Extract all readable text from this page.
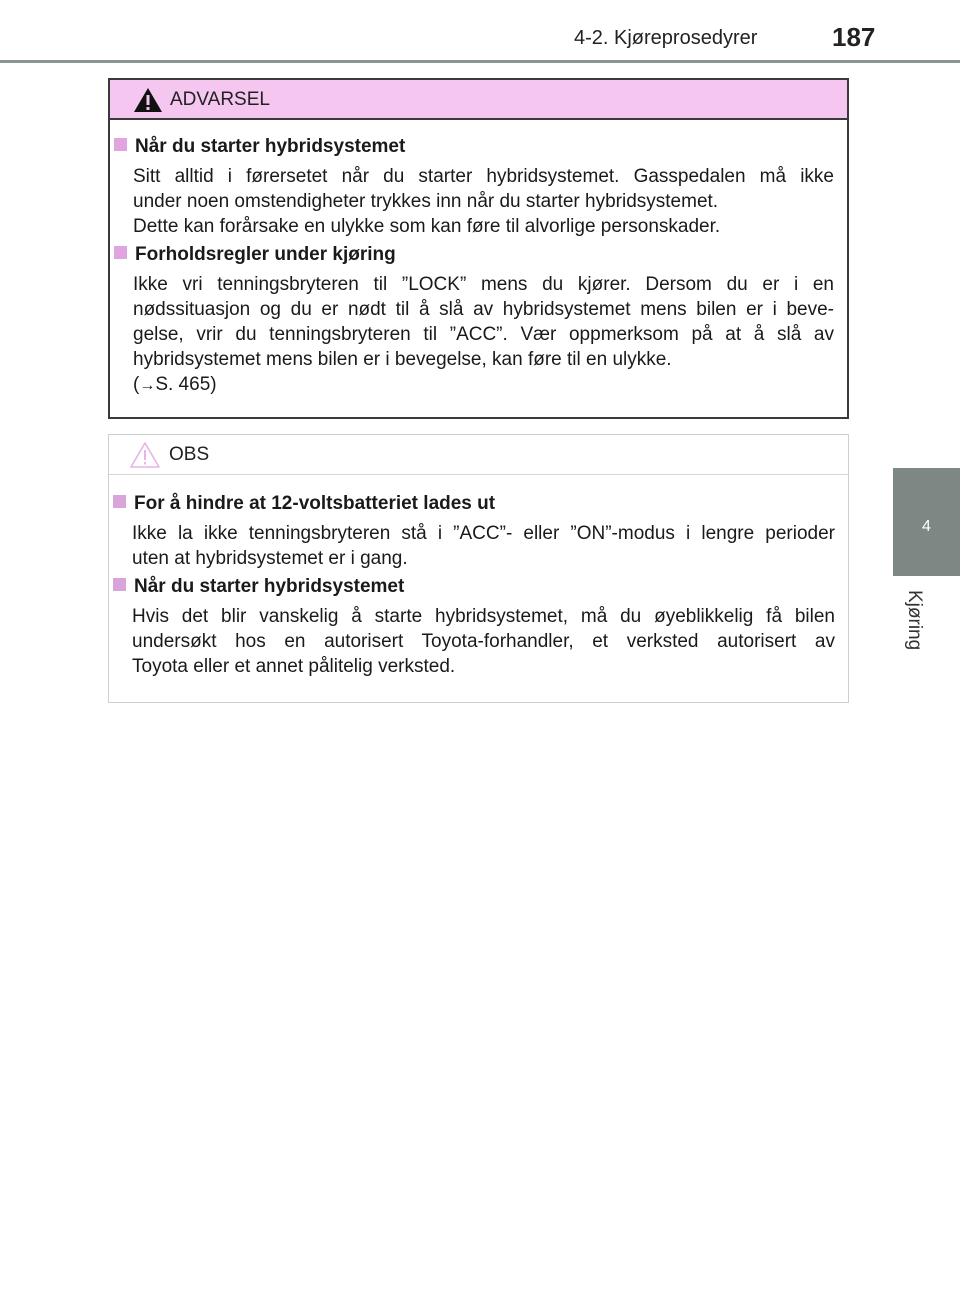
4-2. Kjøreprosedyrer	187
4
Kjøring
ADVARSEL
Når du starter hybridsystemet
Sitt alltid i førersetet når du starter hybridsystemet. Gasspedalen må ikke
under noen omstendigheter trykkes inn når du starter hybridsystemet.
Dette kan forårsake en ulykke som kan føre til alvorlige personskader.
Forholdsregler under kjøring
Ikke vri tenningsbryteren til ”LOCK” mens du kjører. Dersom du er i en
nødssituasjon og du er nødt til å slå av hybridsystemet mens bilen er i beve-
gelse, vrir du tenningsbryteren til ”ACC”. Vær oppmerksom på at å slå av
hybridsystemet mens bilen er i bevegelse, kan føre til en ulykke.
(→S. 465)
OBS
For å hindre at 12-voltsbatteriet lades ut
Ikke la ikke tenningsbryteren stå i ”ACC”- eller ”ON”-modus i lengre perioder
uten at hybridsystemet er i gang.
Når du starter hybridsystemet
Hvis det blir vanskelig å starte hybridsystemet, må du øyeblikkelig få bilen
undersøkt hos en autorisert Toyota-forhandler, et verksted autorisert av
Toyota eller et annet pålitelig verksted.
